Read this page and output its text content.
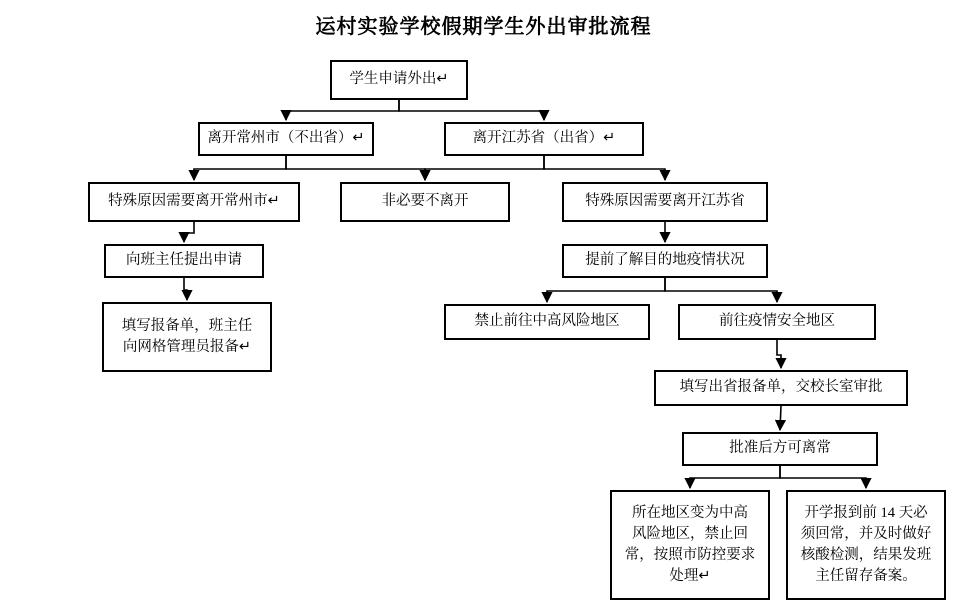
运村实验学校假期学生外出审批流程
学生申请外出↵
离开常州市（不出省）↵	离开江苏省（出省）↵
特殊原因需要离开常州市↵	非必要不离开	特殊原因需要离开江苏省
向班主任提出申请	提前了解目的地疫情状况
填写报备单，班主任
向网格管理员报备↵
禁止前往中高风险地区	前往疫情安全地区
填写出省报备单，交校长室审批
批准后方可离常
所在地区变为中高
风险地区，禁止回
常，按照市防控要求
处理↵
开学报到前 14 天必
须回常，并及时做好
核酸检测，结果发班
主任留存备案。
